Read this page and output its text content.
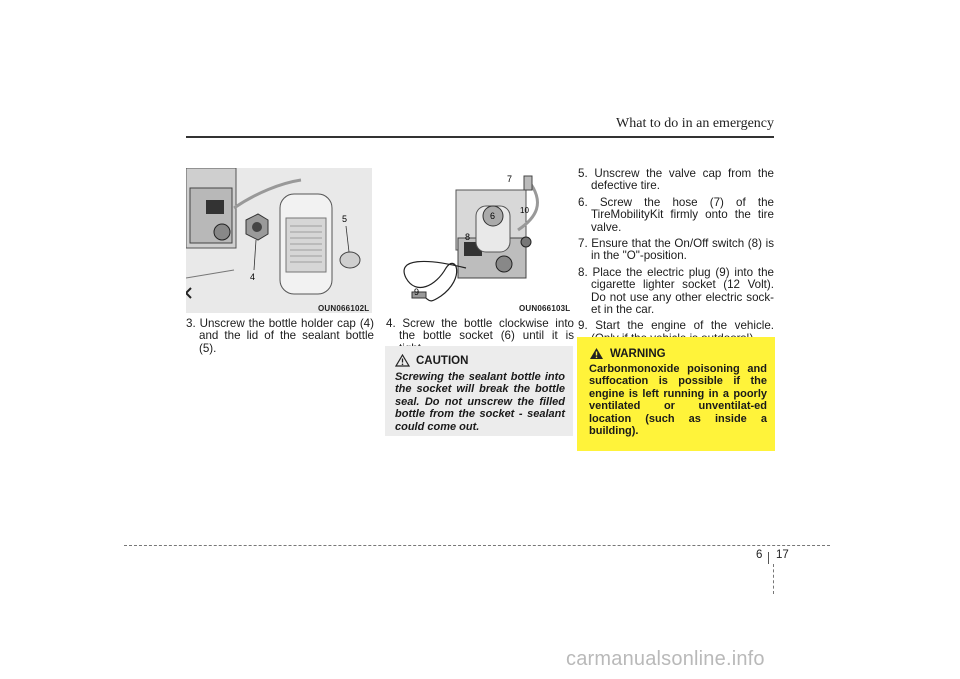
What to do in an emergency
5
4
OUN066102L
7
10
6
8
9
OUN066103L

3. Unscrew the bottle holder cap (4) and the lid of the sealant bottle (5).

4. Screw the bottle clockwise into the bottle socket (6) until it is

CAUTION
Screwing the sealant bottle into the socket will break the bottle seal. Do not unscrew the filled bottle from the socket - sealant could come out.

5. Unscrew the valve cap from the defective tire.

6. Screw the hose (7) of the TireMobilityKit firmly onto the tire valve.

7. Ensure that the On/Off switch (8) is in the "O"-position.

8. Place the electric plug (9) into the cigarette lighter socket (12 Volt). Do not use any other electric sock-et in the car.

9. Start the engine of the vehicle.

WARNING
Carbonmonoxide poisoning and suffocation is possible if the engine is left running in a poorly ventilated or unventilat-ed location (such as inside a building).
6 17
carmanualsonline.info
